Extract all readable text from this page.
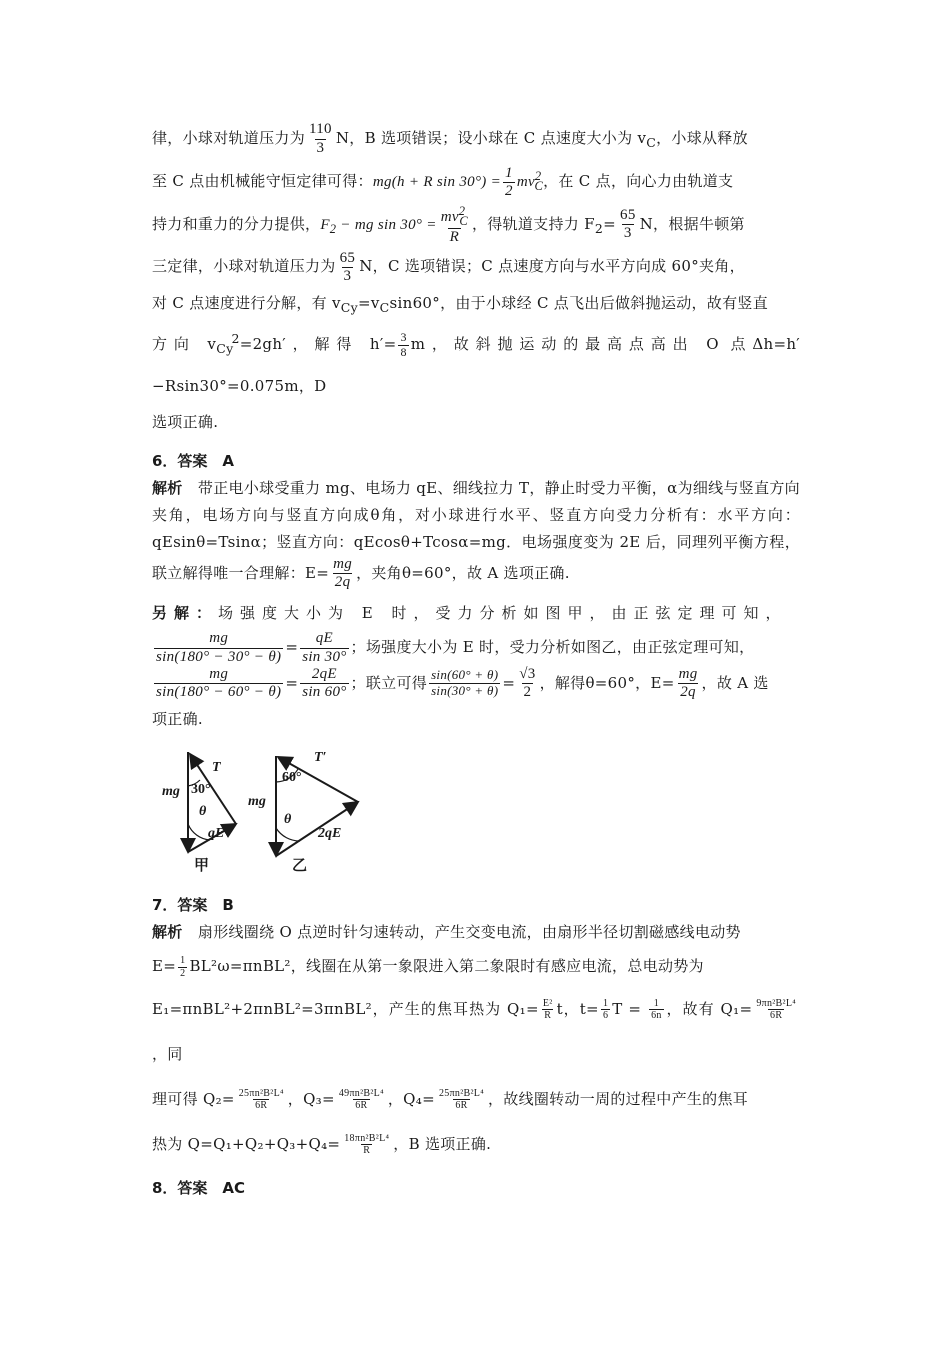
律，小球对轨道压力为 $\frac{110}{3}$ N，B 选项错误；设小球在 C 点速度大小为 $v_C$，小球从释放

至 C 点由机械能守恒定律可得：mg(h + R $\sin 30^\circ) = \frac{1}{2} mv^2_C$，在 C 点，向心力由轨道支

持力和重力的分力提供，$F_2$ − mg $\sin 30^\circ = \frac{mv^2_C}{R}$ ，得轨道支持力 $F_2= \frac{65}{3}$ N，根据牛顿第

三定律，小球对轨道压力为 $\frac{65}{3}$ N，C 选项错误；C 点速度方向与水平方向成 60°夹角，

对 C 点速度进行分解，有 $v_{Cy}=v_C\sin 60^\circ$，由于小球经 C 点飞出后做斜抛运动，故有竖直

方向 $v_{Cy}^2=2gh'$，解得 $h'= \frac{3}{8}$ m，故斜抛运动的最高点高出 O 点Δh=h′−Rsin30°=0.075m，D

选项正确.

6．答案　A

解析　带正电小球受重力 mg、电场力 qE、细线拉力 T，静止时受力平衡，α为细线与竖直方向夹角，电场方向与竖直方向成θ角，对小球进行水平、竖直方向受力分析有：水平方向：qEsinθ=Tsinα；竖直方向：qEcosθ+Tcosα=mg．电场强度变为 2E 后，同理列平衡方程，联立解得唯一合理解：$E= \frac{mg}{2q}$ ，夹角θ=60°，故 A 选项正确.

另解：场强度大小为 E 时，受力分析如图甲，由正弦定理可知，

$\frac{mg}{\sin(180^\circ - 30^\circ - \theta)} = \frac{qE}{\sin 30^\circ}$ ；场强度大小为 E 时，受力分析如图乙，由正弦定理可知，

$\frac{mg}{\sin(180^\circ - 60^\circ - \theta)} = \frac{2qE}{\sin 60^\circ}$ ；联立可得 $\frac{\sin(60^\circ + \theta)}{\sin(30^\circ + \theta)} = \frac{√3}{2}$ ，解得θ=60°，$E= \frac{mg}{2q}$ ，故 A 选
项正确.

mg
T
30°
θ
qE
甲
mg
T′
60°
θ
2qE
乙

7．答案　B

解析　扇形线圈绕 O 点逆时针匀速转动，产生交变电流，由扇形半径切割磁感线电动势

$E= \frac{1}{2} BL^2\omega=\pi nBL^2$，线圈在从第一象限进入第二象限时有感应电流，总电动势为

E₁=πnBL²+2πnBL²=3πnBL²，产生的焦耳热为 $Q_1= \frac{\text{E²}}{R}$ t，$t= \frac{1}{6}$ $T = \frac{1}{6n}$ ，故有 $Q_1= \frac{\text{9πn²B²L⁴}}{6R}$
，同

理可得 $Q_2= \frac{\text{25πn²B²L⁴}}{6R}$ ，$Q_3= \frac{\text{49πn²B²L⁴}}{6R}$ ，$Q_4= \frac{\text{25πn²B²L⁴}}{6R}$ ，故线圈转动一周的过程中产生的焦耳

热为 $Q=Q_1+Q_2+Q_3+Q_4= \frac{\text{18πn²B²L⁴}}{R}$ ，B 选项正确.

8．答案　AC
